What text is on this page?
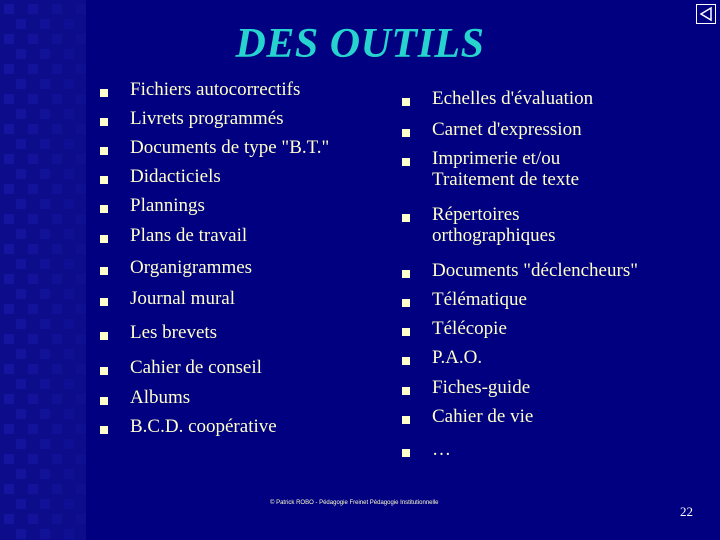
DES OUTILS
Fichiers autocorrectifs
Livrets programmés
Documents de type "B.T."
Didacticiels
Plannings
Plans de travail
Organigrammes
Journal mural
Les brevets
Cahier de conseil
Albums
B.C.D. coopérative
Echelles d'évaluation
Carnet d'expression
Imprimerie et/ou
Traitement de texte
Répertoires
orthographiques
Documents "déclencheurs"
Télématique
Télécopie
P.A.O.
Fiches-guide
Cahier de vie
…
© Patrick ROBO - Pédagogie Freinet Pédagogie Institutionnelle
22
